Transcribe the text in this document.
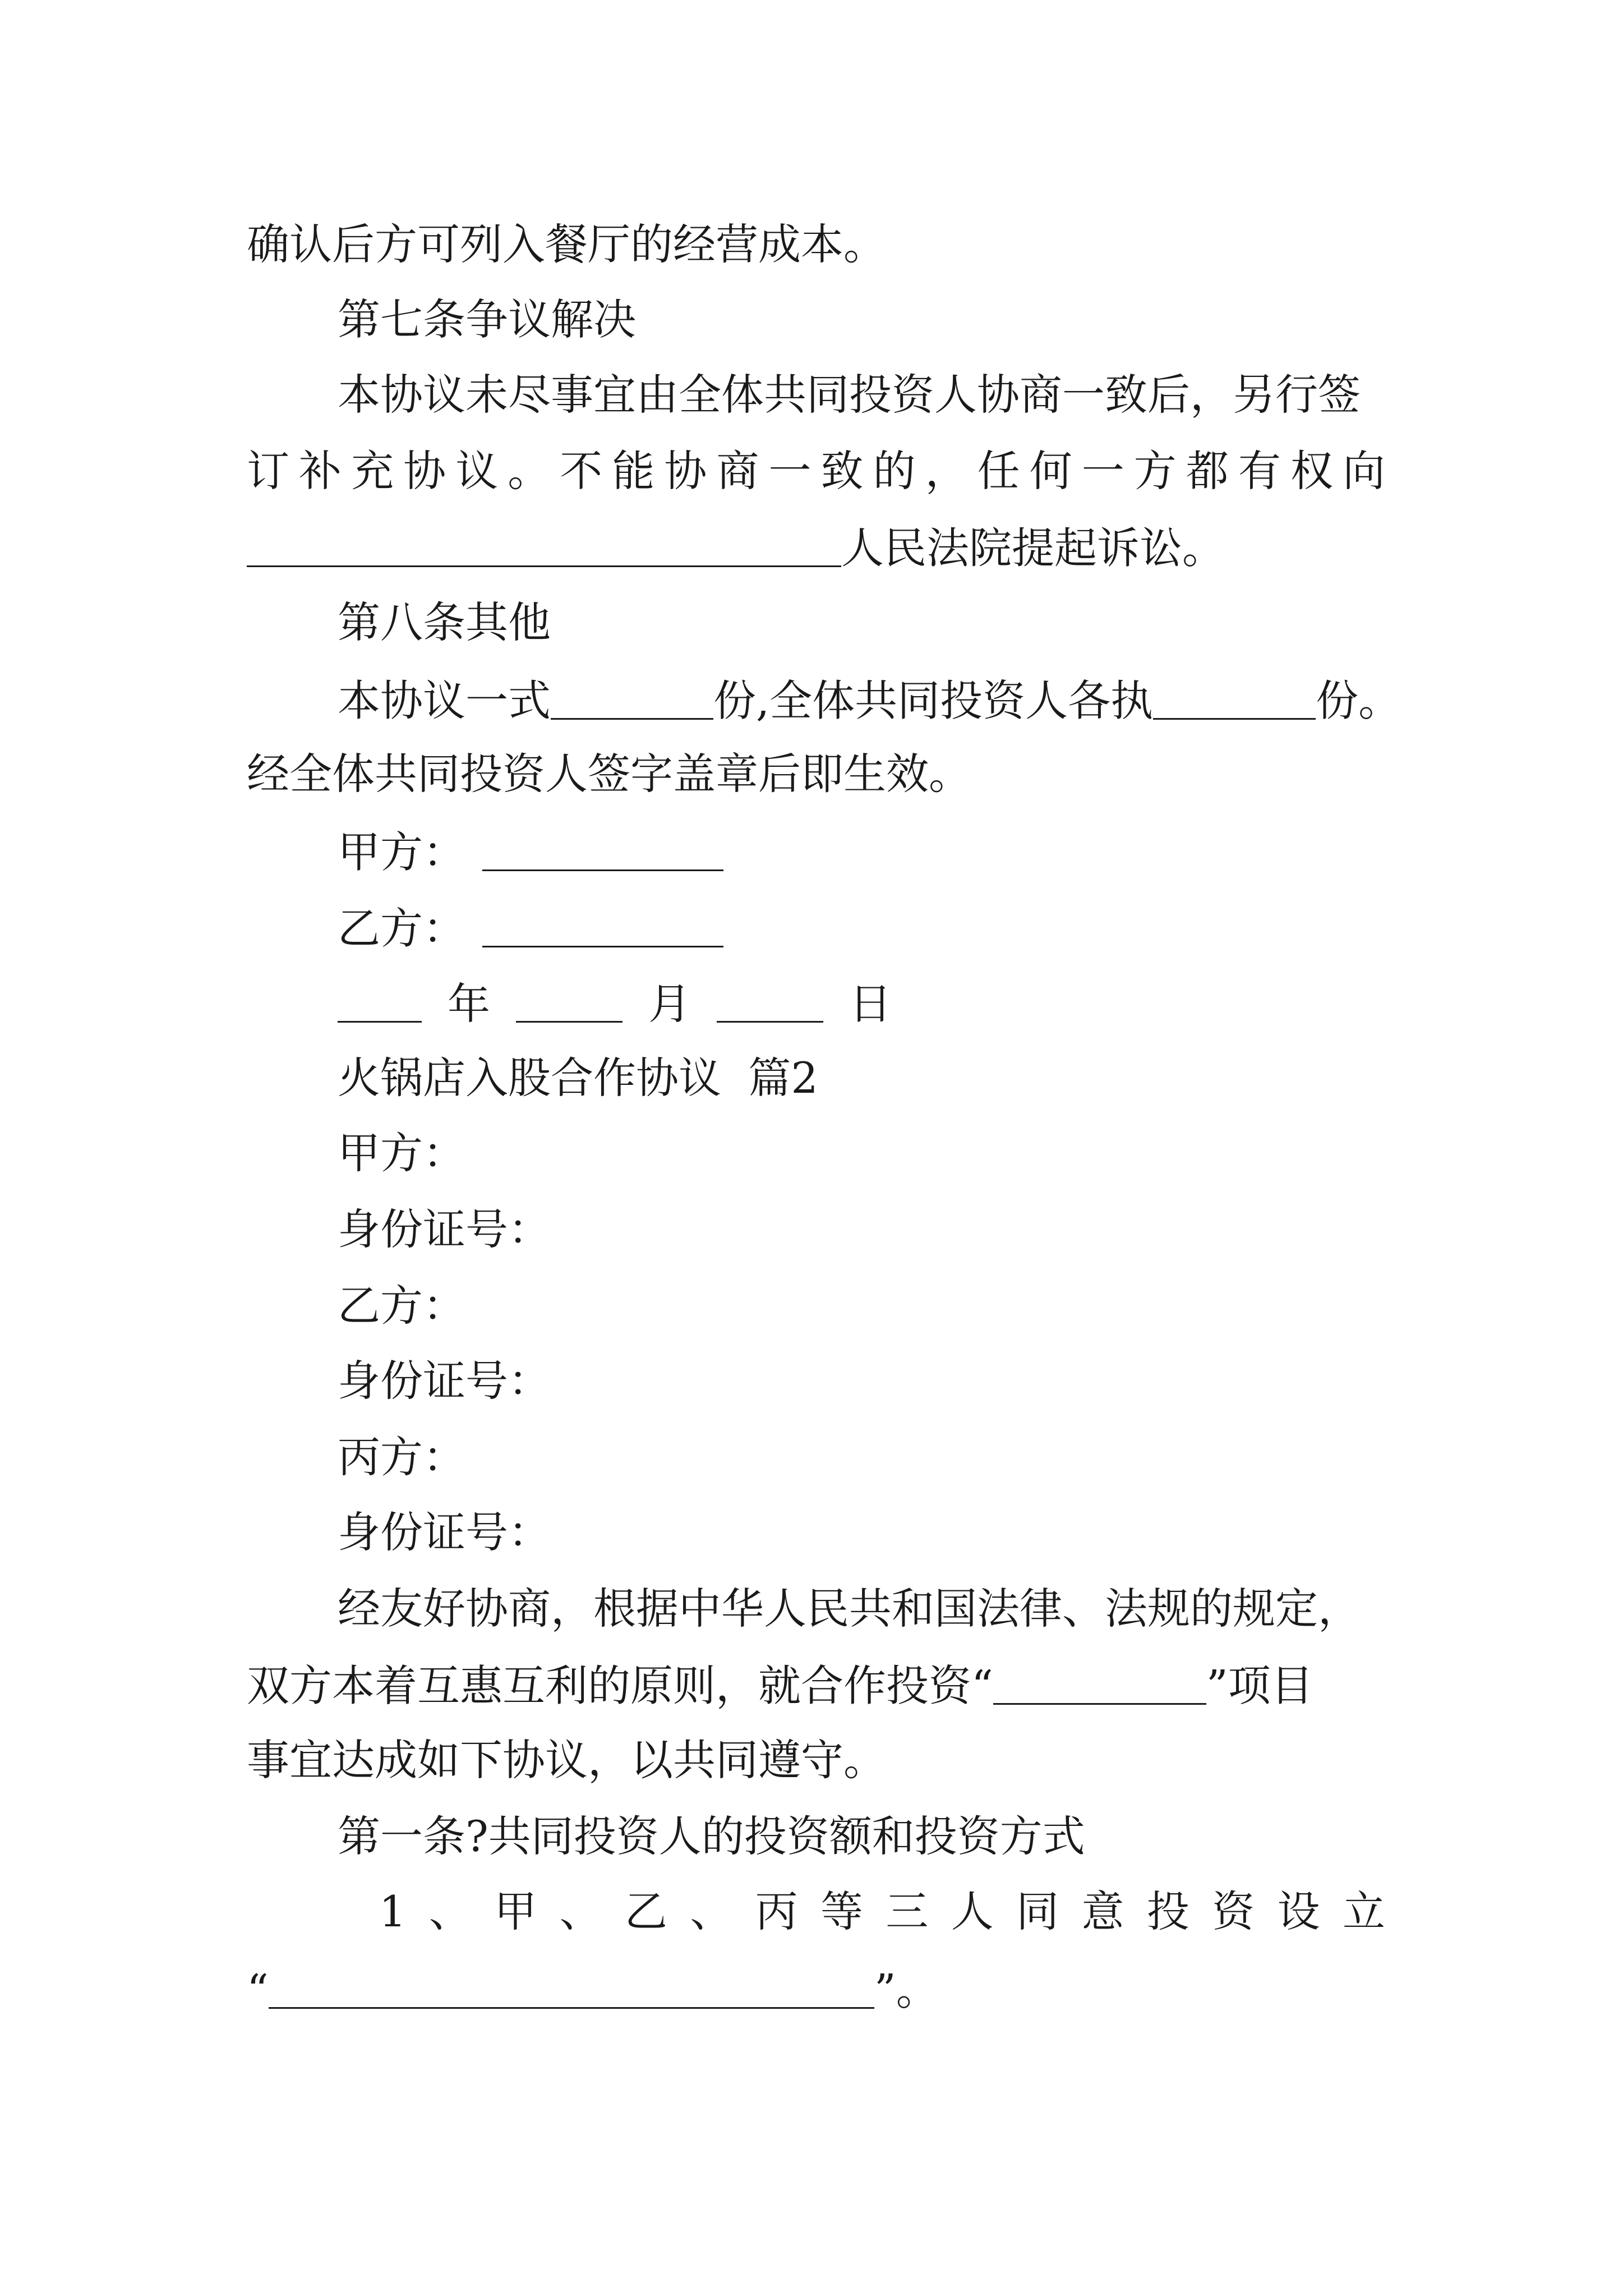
确认后方可列入餐厅的经营成本。
第七条争议解决
本协议未尽事宜由全体共同投资人协商一致后，另行签
订 补 充 协 议 。 不 能 协 商 一 致 的 ， 任 何 一 方 都 有 权 向
人民法院提起诉讼。
第八条其他
本协议一式	份,全体共同投资人各执	份。
经全体共同投资人签字盖章后即生效。
甲方：
乙方：
年	月	日
火锅店入股合作协议  篇2
甲方：
身份证号：
乙方：
身份证号：
丙方：
身份证号：
经友好协商，根据中华人民共和国法律、法规的规定，
双方本着互惠互利的原则，就合作投资“	”项目
事宜达成如下协议，以共同遵守。
第一条?共同投资人的投资额和投资方式
1 、 甲 、 乙 、 丙 等 三 人 同 意 投 资 设 立
“	”。
